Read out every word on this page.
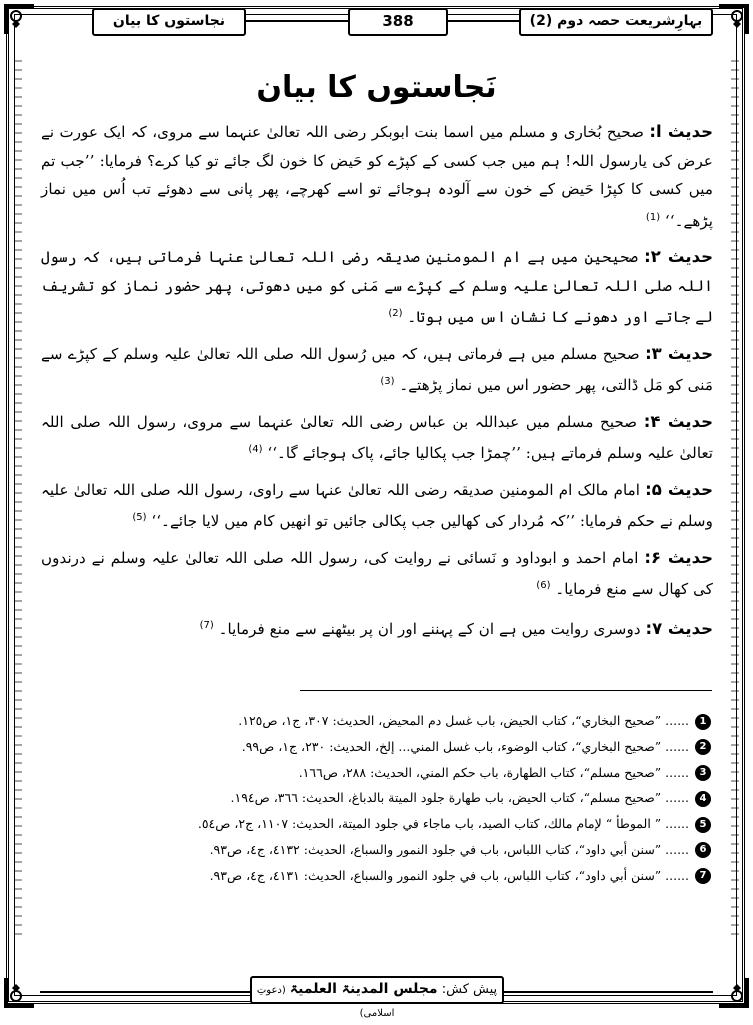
نجاستوں کا بیان	388	بہارِشریعت حصہ دوم (2)
نَجاستوں کا بیان

حدیث ا: صحیح بُخاری و مسلم میں اسما بنت ابوبکر رضی اللہ تعالیٰ عنہما سے مروی، کہ ایک عورت نے عرض کی یارسول اللہ! ہم میں جب کسی کے کپڑے کو حَیض کا خون لگ جائے تو کیا کرے؟ فرمایا: ’’جب تم میں کسی کا کپڑا حَیض کے خون سے آلودہ ہوجائے تو اسے کھرچے، پھر پانی سے دھوئے تب اُس میں نماز پڑھے۔‘‘ $^{(1)}$

حدیث ۲: صحیحین میں ہے ام المومنین صدیقہ رضی اللہ تعالیٰ عنہا فرماتی ہیں، کہ رسول اللہ صلی اللہ تعالیٰ علیہ وسلم کے کپڑے سے مَنی کو میں دھوتی، پھر حضور نماز کو تشریف لے جاتے اور دھونے کا نشان اس میں ہوتا۔ $^{(2)}$

حدیث ۳: صحیح مسلم میں ہے فرماتی ہیں، کہ میں رُسول اللہ صلی اللہ تعالیٰ علیہ وسلم کے کپڑے سے مَنی کو مَل ڈالتی، پھر حضور اس میں نماز پڑھتے۔ $^{(3)}$

حدیث ۴: صحیح مسلم میں عبداللہ بن عباس رضی اللہ تعالیٰ عنہما سے مروی، رسول اللہ صلی اللہ تعالیٰ علیہ وسلم فرماتے ہیں: ’’چمڑا جب پکالیا جائے، پاک ہوجائے گا۔‘‘ $^{(4)}$

حدیث ۵: امام مالک ام المومنین صدیقہ رضی اللہ تعالیٰ عنہا سے راوی، رسول اللہ صلی اللہ تعالیٰ علیہ وسلم نے حکم فرمایا: ’’کہ مُردار کی کھالیں جب پکالی جائیں تو انھیں کام میں لایا جائے۔‘‘ $^{(5)}$

حدیث ۶: امام احمد و ابوداود و نَسائی نے روایت کی، رسول اللہ صلی اللہ تعالیٰ علیہ وسلم نے درندوں کی کھال سے منع فرمایا۔ $^{(6)}$

حدیث ۷: دوسری روایت میں ہے ان کے پہننے اور ان پر بیٹھنے سے منع فرمایا۔ $^{(7)}$

1...... ”صحيح البخاري“، كتاب الحيض، باب غسل دم المحيض، الحديث: ٣٠٧، ج١، ص١٢٥.
2...... ”صحيح البخاري“، كتاب الوضوء، باب غسل المني... إلخ، الحديث: ٢٣٠، ج١، ص٩٩.
3...... ”صحيح مسلم“، كتاب الطهارة، باب حكم المني، الحديث: ٢٨٨، ص١٦٦.
4...... ”صحيح مسلم“، كتاب الحيض، باب طهارة جلود الميتة بالدباغ، الحديث: ٣٦٦، ص١٩٤.
5...... ” الموطأ “ لإمام مالك، كتاب الصيد، باب ماجاء في جلود الميتة، الحديث: ١١٠٧، ج٢، ص٥٤.
6...... ”سنن أبي داود“، كتاب اللباس، باب في جلود النمور والسباع، الحديث: ٤١٣٢، ج٤، ص٩٣.
7...... ”سنن أبي داود“، كتاب اللباس، باب في جلود النمور والسباع، الحديث: ٤١٣١، ج٤، ص٩٣.
پیش کش: مجلس المدینۃ العلمیۃ (دعوتِ اسلامی)
